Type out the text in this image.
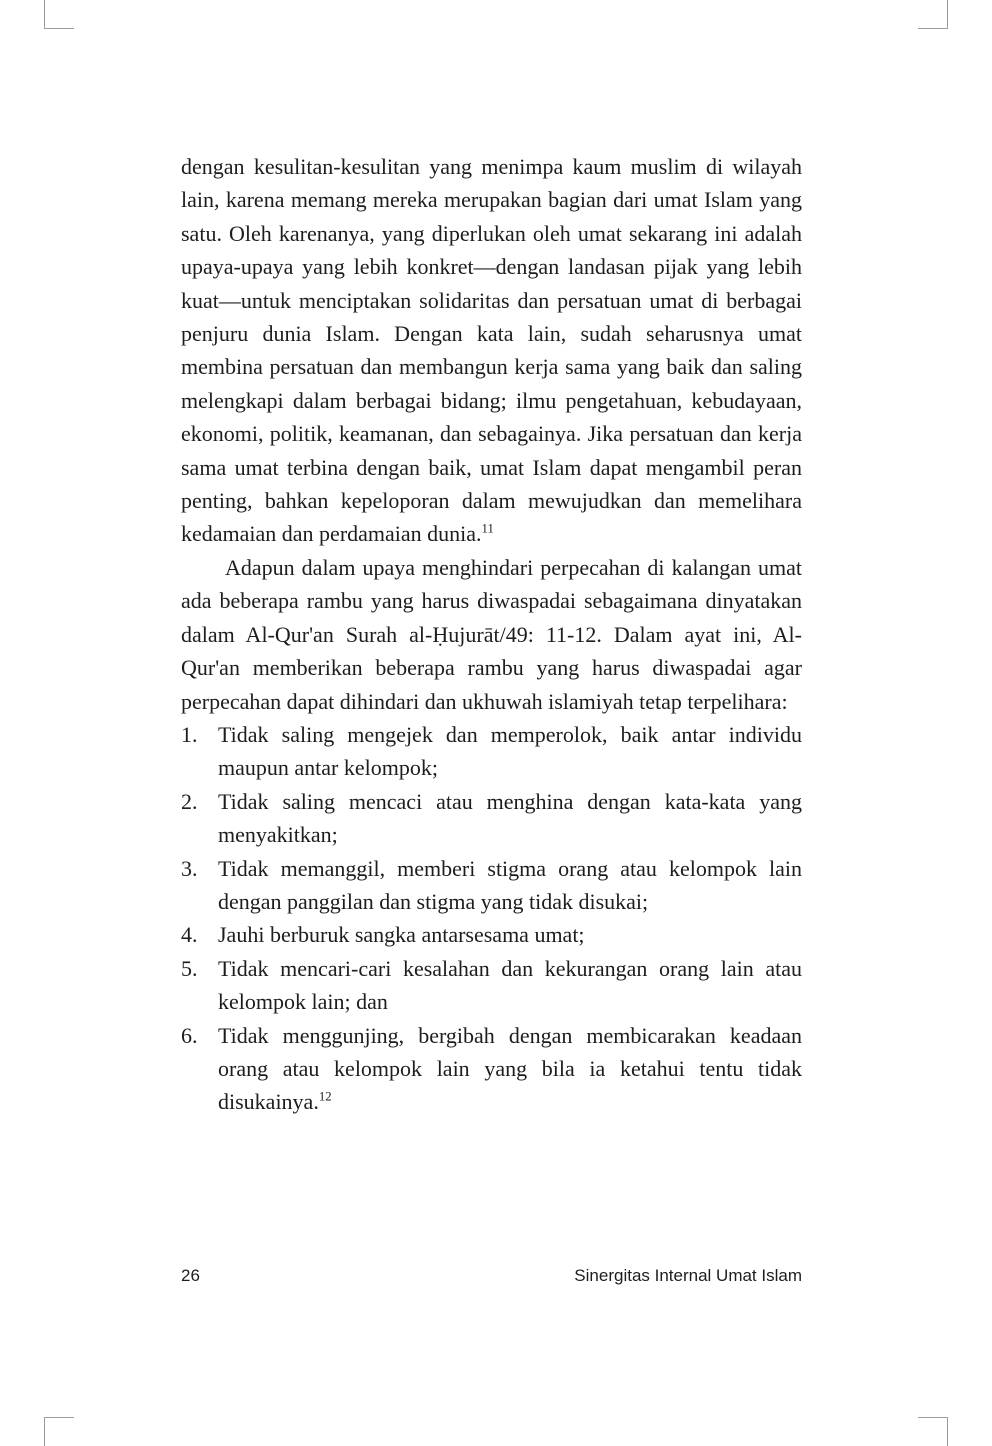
dengan kesulitan-kesulitan yang menimpa kaum muslim di wilayah lain, karena memang mereka merupakan bagian dari umat Islam yang satu. Oleh karenanya, yang diperlukan oleh umat sekarang ini adalah upaya-upaya yang lebih konkret—dengan landasan pijak yang lebih kuat—untuk menciptakan solidaritas dan persatuan umat di berbagai penjuru dunia Islam. Dengan kata lain, sudah seharusnya umat membina persatuan dan membangun kerja sama yang baik dan saling melengkapi dalam berbagai bidang; ilmu pengetahuan, kebudayaan, ekonomi, politik, keamanan, dan sebagainya. Jika persatuan dan kerja sama umat terbina dengan baik, umat Islam dapat mengambil peran penting, bahkan kepeloporan dalam mewujudkan dan memelihara kedamaian dan perdamaian dunia.$^{11}$

Adapun dalam upaya menghindari perpecahan di kalangan umat ada beberapa rambu yang harus diwaspadai sebagaimana dinyatakan dalam Al-Qur'an Surah al-Ḥujurāt/49: 11-12. Dalam ayat ini, Al-Qur'an memberikan beberapa rambu yang harus diwaspadai agar perpecahan dapat dihindari dan ukhuwah islamiyah tetap terpelihara:

1. Tidak saling mengejek dan memperolok, baik antar individu maupun antar kelompok;
2. Tidak saling mencaci atau menghina dengan kata-kata yang menyakitkan;
3. Tidak memanggil, memberi stigma orang atau kelompok lain dengan panggilan dan stigma yang tidak disukai;
4. Jauhi berburuk sangka antarsesama umat;
5. Tidak mencari-cari kesalahan dan kekurangan orang lain atau kelompok lain; dan
6. Tidak menggunjing, bergibah dengan membicarakan keadaan orang atau kelompok lain yang bila ia ketahui tentu tidak disukainya.$^{12}$
26	Sinergitas Internal Umat Islam
